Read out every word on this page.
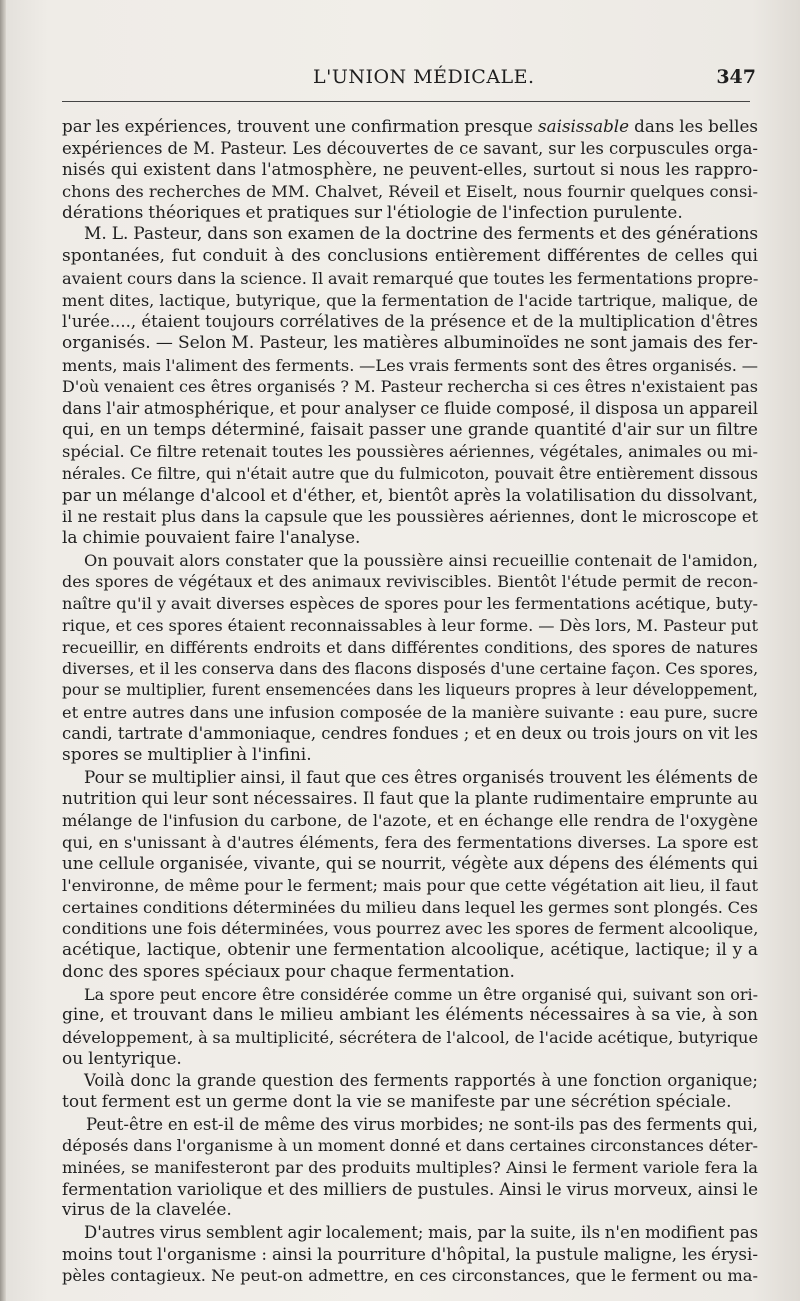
L'UNION MÉDICALE.	347
par les expériences, trouvent une confirmation presque saisissable dans les belles
expériences de M. Pasteur. Les découvertes de ce savant, sur les corpuscules orga-
nisés qui existent dans l'atmosphère, ne peuvent-elles, surtout si nous les rappro-
chons des recherches de MM. Chalvet, Réveil et Eiselt, nous fournir quelques consi-
dérations théoriques et pratiques sur l'étiologie de l'infection purulente.
M. L. Pasteur, dans son examen de la doctrine des ferments et des générations
spontanées, fut conduit à des conclusions entièrement différentes de celles qui
avaient cours dans la science. Il avait remarqué que toutes les fermentations propre-
ment dites, lactique, butyrique, que la fermentation de l'acide tartrique, malique, de
l'urée...., étaient toujours corrélatives de la présence et de la multiplication d'êtres
organisés. — Selon M. Pasteur, les matières albuminoïdes ne sont jamais des fer-
ments, mais l'aliment des ferments. —Les vrais ferments sont des êtres organisés. —
D'où venaient ces êtres organisés ? M. Pasteur rechercha si ces êtres n'existaient pas
dans l'air atmosphérique, et pour analyser ce fluide composé, il disposa un appareil
qui, en un temps déterminé, faisait passer une grande quantité d'air sur un filtre
spécial. Ce filtre retenait toutes les poussières aériennes, végétales, animales ou mi-
nérales. Ce filtre, qui n'était autre que du fulmicoton, pouvait être entièrement dissous
par un mélange d'alcool et d'éther, et, bientôt après la volatilisation du dissolvant,
il ne restait plus dans la capsule que les poussières aériennes, dont le microscope et
la chimie pouvaient faire l'analyse.
On pouvait alors constater que la poussière ainsi recueillie contenait de l'amidon,
des spores de végétaux et des animaux reviviscibles. Bientôt l'étude permit de recon-
naître qu'il y avait diverses espèces de spores pour les fermentations acétique, buty-
rique, et ces spores étaient reconnaissables à leur forme. — Dès lors, M. Pasteur put
recueillir, en différents endroits et dans différentes conditions, des spores de natures
diverses, et il les conserva dans des flacons disposés d'une certaine façon. Ces spores,
pour se multiplier, furent ensemencées dans les liqueurs propres à leur développement,
et entre autres dans une infusion composée de la manière suivante : eau pure, sucre
candi, tartrate d'ammoniaque, cendres fondues ; et en deux ou trois jours on vit les
spores se multiplier à l'infini.
Pour se multiplier ainsi, il faut que ces êtres organisés trouvent les éléments de
nutrition qui leur sont nécessaires. Il faut que la plante rudimentaire emprunte au
mélange de l'infusion du carbone, de l'azote, et en échange elle rendra de l'oxygène
qui, en s'unissant à d'autres éléments, fera des fermentations diverses. La spore est
une cellule organisée, vivante, qui se nourrit, végète aux dépens des éléments qui
l'environne, de même pour le ferment; mais pour que cette végétation ait lieu, il faut
certaines conditions déterminées du milieu dans lequel les germes sont plongés. Ces
conditions une fois déterminées, vous pourrez avec les spores de ferment alcoolique,
acétique, lactique, obtenir une fermentation alcoolique, acétique, lactique; il y a
donc des spores spéciaux pour chaque fermentation.
La spore peut encore être considérée comme un être organisé qui, suivant son ori-
gine, et trouvant dans le milieu ambiant les éléments nécessaires à sa vie, à son
développement, à sa multiplicité, sécrétera de l'alcool, de l'acide acétique, butyrique
ou lentyrique.
Voilà donc la grande question des ferments rapportés à une fonction organique;
tout ferment est un germe dont la vie se manifeste par une sécrétion spéciale.
Peut-être en est-il de même des virus morbides; ne sont-ils pas des ferments qui,
déposés dans l'organisme à un moment donné et dans certaines circonstances déter-
minées, se manifesteront par des produits multiples? Ainsi le ferment variole fera la
fermentation variolique et des milliers de pustules. Ainsi le virus morveux, ainsi le
virus de la clavelée.
D'autres virus semblent agir localement; mais, par la suite, ils n'en modifient pas
moins tout l'organisme : ainsi la pourriture d'hôpital, la pustule maligne, les érysi-
pèles contagieux. Ne peut-on admettre, en ces circonstances, que le ferment ou ma-
